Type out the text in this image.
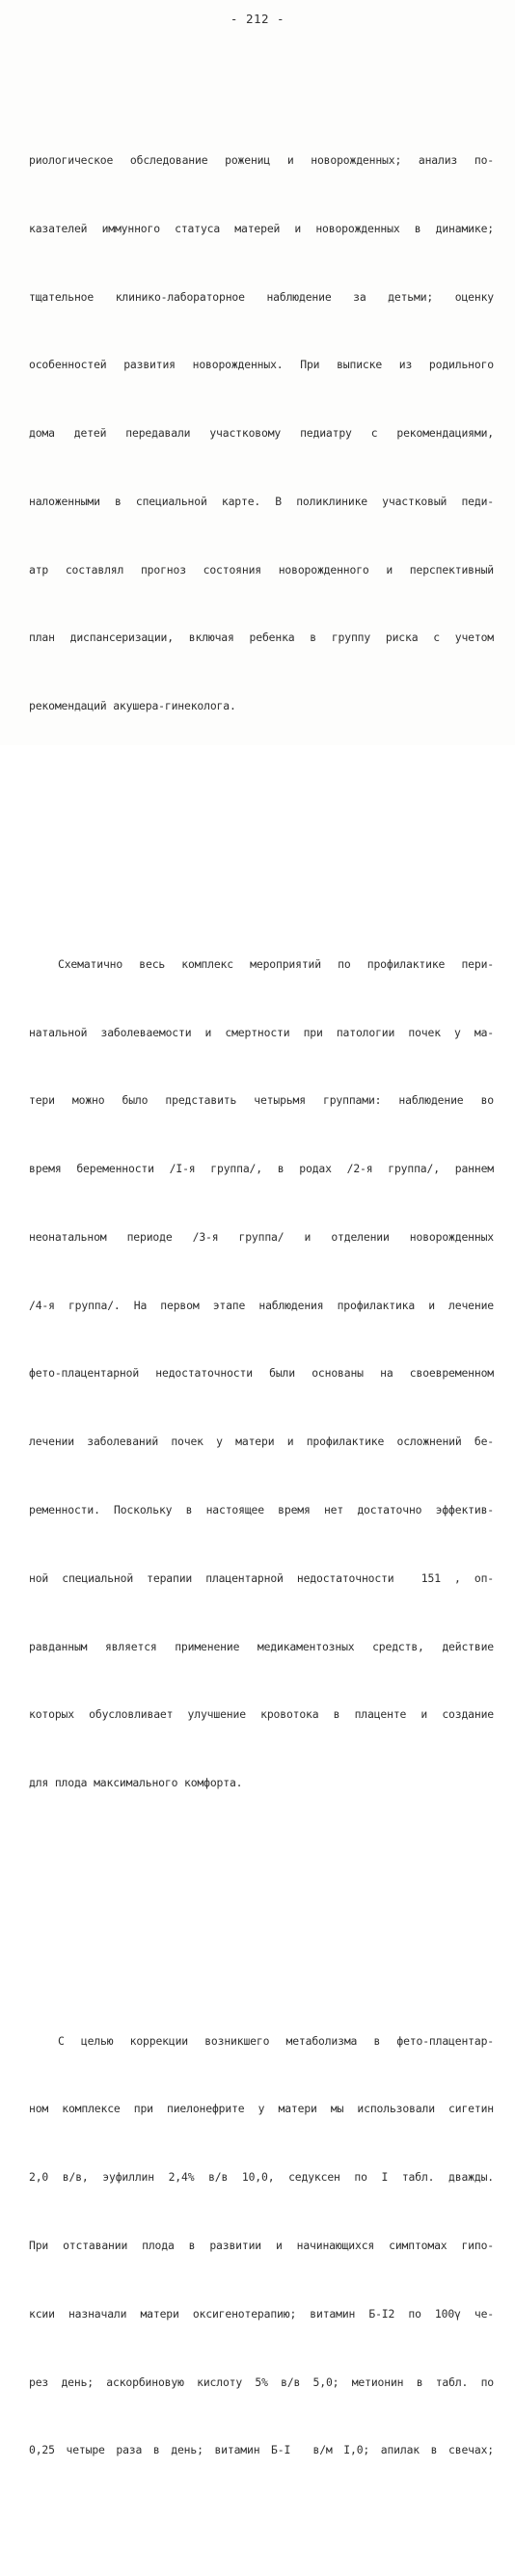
- 212 -

риологическое обследование рожениц и новорожденных; анализ по-

казателей иммунного статуса матерей и новорожденных в динамике;

тщательное клинико-лабораторное наблюдение за детьми; оценку

особенностей развития новорожденных. При выписке из родильного

дома детей передавали участковому педиатру с рекомендациями,

наложенными в специальной карте. В поликлинике участковый педи-

атр составлял прогноз состояния новорожденного и перспективный

план диспансеризации, включая ребенка в группу риска с учетом

рекомендаций акушера-гинеколога.

Схематично весь комплекс мероприятий по профилактике пери-

натальной заболеваемости и смертности при патологии почек у ма-

тери можно было представить четырьмя группами: наблюдение во

время беременности /I-я группа/, в родах /2-я группа/, раннем

неонатальном периоде /3-я группа/ и отделении новорожденных

/4-я группа/. На первом этапе наблюдения профилактика и лечение

фето-плацентарной недостаточности были основаны на своевременном

лечении заболеваний почек у матери и профилактике осложнений бе-

ременности. Поскольку в настоящее время нет достаточно эффектив-

ной специальной терапии плацентарной недостаточности  151 , оп-

равданным является применение медикаментозных средств, действие

которых обусловливает улучшение кровотока в плаценте и создание

для плода максимального комфорта.

С целью коррекции возникшего метаболизма в фето-плацентар-

ном комплексе при пиелонефрите у матери мы использовали сигетин

2,0 в/в, эуфиллин 2,4% в/в 10,0, седуксен по I табл. дважды.

При отставании плода в развитии и начинающихся симптомах гипо-

ксии назначали матери оксигенотерапию; витамин Б-I2 по 100γ че-

рез день; аскорбиновую кислоту 5% в/в 5,0; метионин в табл. по

0,25 четыре раза в день; витамин Б-I  в/м I,0; апилак в свечах;
